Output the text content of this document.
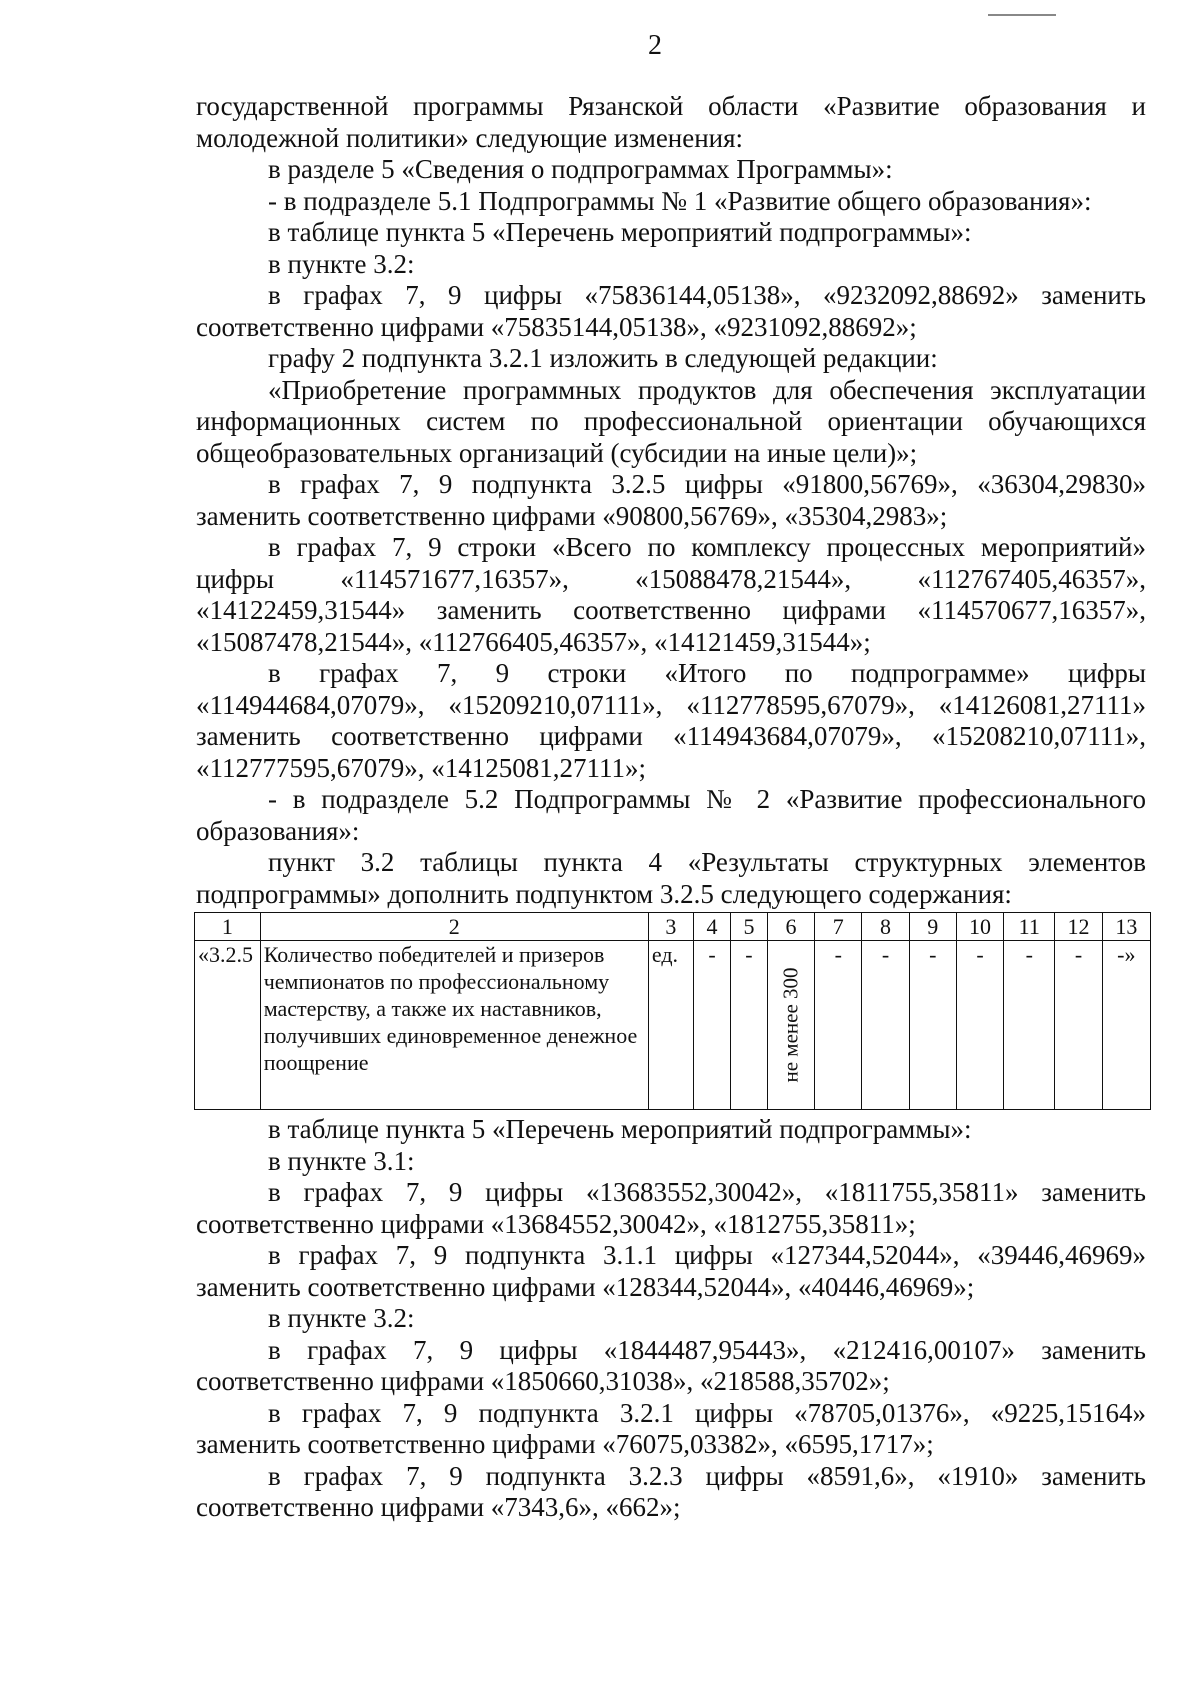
2
государственной программы Рязанской области «Развитие образования и
молодежной политики» следующие изменения:
в разделе 5 «Сведения о подпрограммах Программы»:
- в подразделе 5.1 Подпрограммы № 1 «Развитие общего образования»:
в таблице пункта 5 «Перечень мероприятий подпрограммы»:
в пункте 3.2:
в графах 7, 9 цифры «75836144,05138», «9232092,88692» заменить
соответственно цифрами «75835144,05138», «9231092,88692»;
графу 2 подпункта 3.2.1 изложить в следующей редакции:
«Приобретение программных продуктов для обеспечения эксплуатации
информационных систем по профессиональной ориентации обучающихся
общеобразовательных организаций (субсидии на иные цели)»;
в графах 7, 9 подпункта 3.2.5 цифры «91800,56769», «36304,29830»
заменить соответственно цифрами «90800,56769», «35304,2983»;
в графах 7, 9 строки «Всего по комплексу процессных мероприятий»
цифры «114571677,16357», «15088478,21544», «112767405,46357»,
«14122459,31544» заменить соответственно цифрами «114570677,16357»,
«15087478,21544», «112766405,46357», «14121459,31544»;
в графах 7, 9 строки «Итого по подпрограмме» цифры
«114944684,07079», «15209210,07111», «112778595,67079», «14126081,27111»
заменить соответственно цифрами «114943684,07079», «15208210,07111»,
«112777595,67079», «14125081,27111»;
- в подразделе 5.2 Подпрограммы № 2 «Развитие профессионального
образования»:
пункт 3.2 таблицы пункта 4 «Результаты структурных элементов
подпрограммы» дополнить подпунктом 3.2.5 следующего содержания:
1	2	3	4	5	6	7	8	9	10	11	12	13
«3.2.5	Количество победителей и призеров чемпионатов по профессиональному мастерству, а также их наставников, получивших единовременное денежное поощрение	ед.	-	-	не менее 300	-	-	-	-	-	-	-»
в таблице пункта 5 «Перечень мероприятий подпрограммы»:
в пункте 3.1:
в графах 7, 9 цифры «13683552,30042», «1811755,35811» заменить
соответственно цифрами «13684552,30042», «1812755,35811»;
в графах 7, 9 подпункта 3.1.1 цифры «127344,52044», «39446,46969»
заменить соответственно цифрами «128344,52044», «40446,46969»;
в пункте 3.2:
в графах 7, 9 цифры «1844487,95443», «212416,00107» заменить
соответственно цифрами «1850660,31038», «218588,35702»;
в графах 7, 9 подпункта 3.2.1 цифры «78705,01376», «9225,15164»
заменить соответственно цифрами «76075,03382», «6595,1717»;
в графах 7, 9 подпункта 3.2.3 цифры «8591,6», «1910» заменить
соответственно цифрами «7343,6», «662»;
